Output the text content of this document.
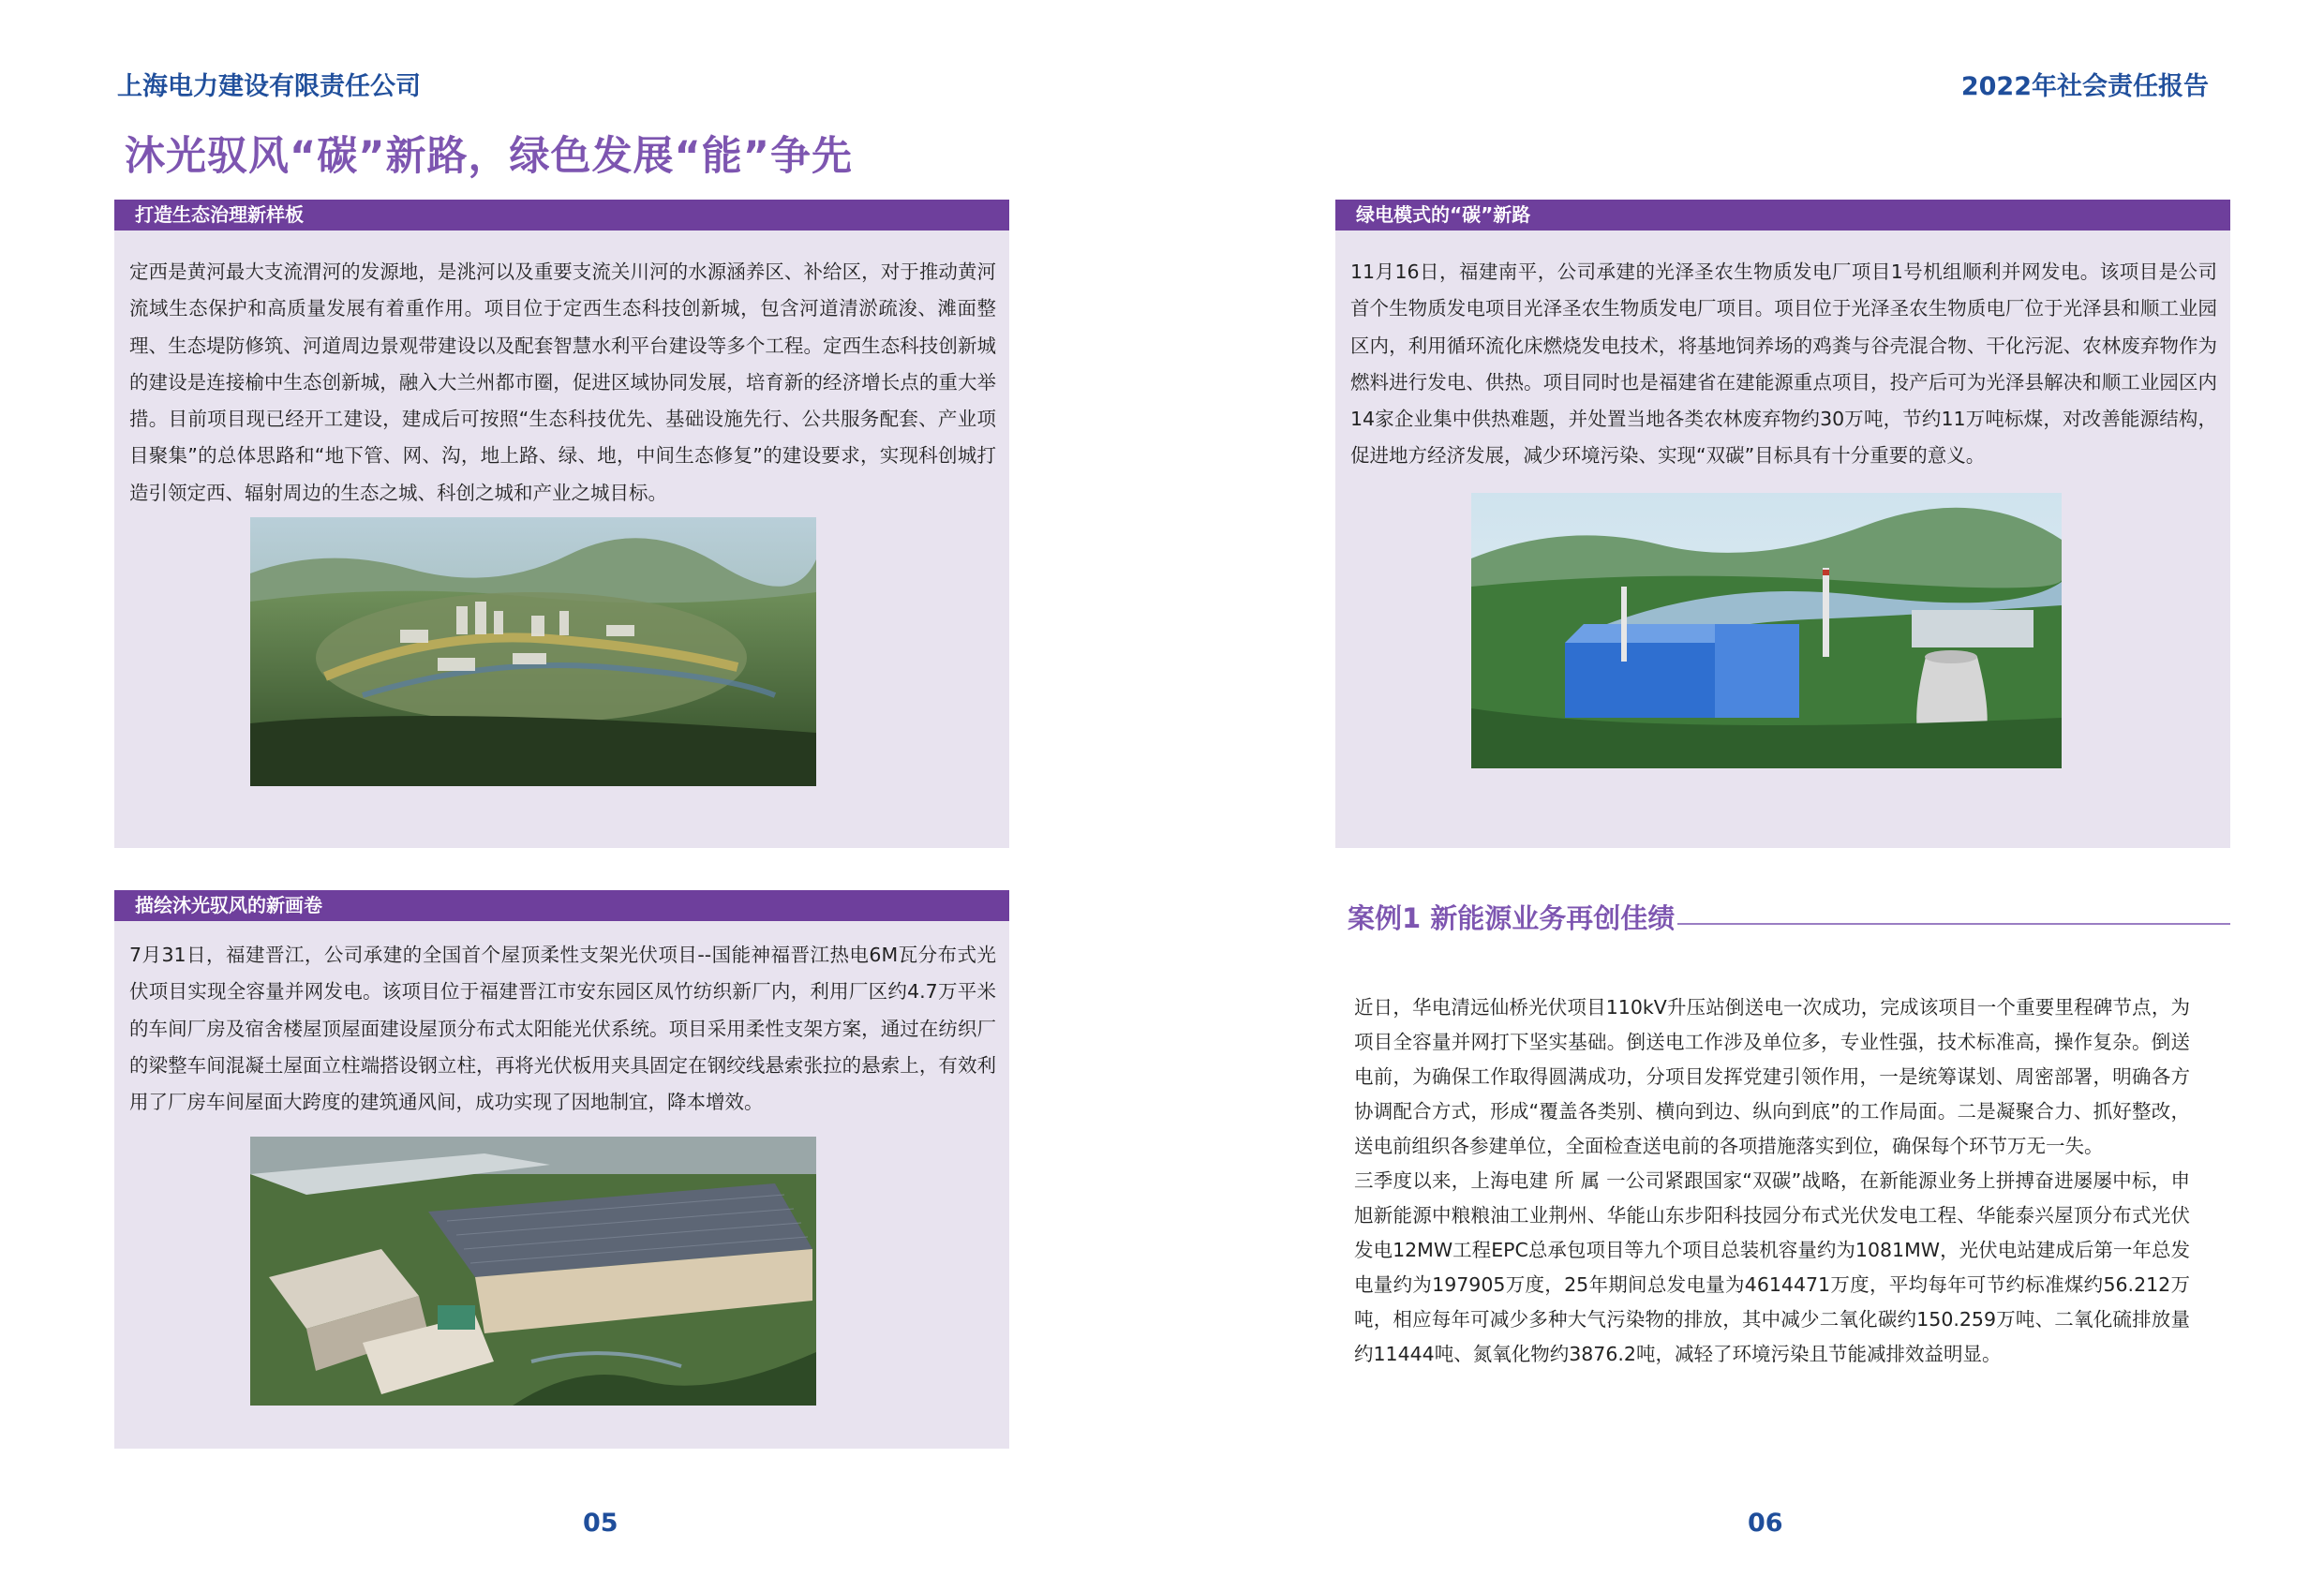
上海电力建设有限责任公司	2022年社会责任报告
沐光驭风“碳”新路，绿色发展“能”争先
打造生态治理新样板
定西是黄河最大支流渭河的发源地，是洮河以及重要支流关川河的水源涵养区、补给区，对于推动黄河流域生态保护和高质量发展有着重作用。项目位于定西生态科技创新城，包含河道清淤疏浚、滩面整理、生态堤防修筑、河道周边景观带建设以及配套智慧水利平台建设等多个工程。定西生态科技创新城的建设是连接榆中生态创新城，融入大兰州都市圈，促进区域协同发展，培育新的经济增长点的重大举措。目前项目现已经开工建设，建成后可按照“生态科技优先、基础设施先行、公共服务配套、产业项目聚集”的总体思路和“地下管、网、沟，地上路、绿、地，中间生态修复”的建设要求，实现科创城打造引领定西、辐射周边的生态之城、科创之城和产业之城目标。
描绘沐光驭风的新画卷
7月31日，福建晋江，公司承建的全国首个屋顶柔性支架光伏项目--国能神福晋江热电6M瓦分布式光伏项目实现全容量并网发电。该项目位于福建晋江市安东园区凤竹纺织新厂内，利用厂区约4.7万平米的车间厂房及宿舍楼屋顶屋面建设屋顶分布式太阳能光伏系统。项目采用柔性支架方案，通过在纺织厂的梁整车间混凝土屋面立柱端搭设钢立柱，再将光伏板用夹具固定在钢绞线悬索张拉的悬索上，有效利用了厂房车间屋面大跨度的建筑通风间，成功实现了因地制宜，降本增效。
绿电模式的“碳”新路
11月16日，福建南平，公司承建的光泽圣农生物质发电厂项目1号机组顺利并网发电。该项目是公司首个生物质发电项目光泽圣农生物质发电厂项目。项目位于光泽圣农生物质电厂位于光泽县和顺工业园区内，利用循环流化床燃烧发电技术，将基地饲养场的鸡粪与谷壳混合物、干化污泥、农林废弃物作为燃料进行发电、供热。项目同时也是福建省在建能源重点项目，投产后可为光泽县解决和顺工业园区内14家企业集中供热难题，并处置当地各类农林废弃物约30万吨，节约11万吨标煤，对改善能源结构，促进地方经济发展，减少环境污染、实现“双碳”目标具有十分重要的意义。
案例1 新能源业务再创佳绩
近日，华电清远仙桥光伏项目110kV升压站倒送电一次成功，完成该项目一个重要里程碑节点，为项目全容量并网打下坚实基础。倒送电工作涉及单位多，专业性强，技术标准高，操作复杂。倒送电前，为确保工作取得圆满成功，分项目发挥党建引领作用，一是统筹谋划、周密部署，明确各方协调配合方式，形成“覆盖各类别、横向到边、纵向到底”的工作局面。二是凝聚合力、抓好整改，送电前组织各参建单位，全面检查送电前的各项措施落实到位，确保每个环节万无一失。
三季度以来，上海电建 所 属 一公司紧跟国家“双碳”战略，在新能源业务上拼搏奋进屡屡中标，申旭新能源中粮粮油工业荆州、华能山东步阳科技园分布式光伏发电工程、华能泰兴屋顶分布式光伏发电12MW工程EPC总承包项目等九个项目总装机容量约为1081MW，光伏电站建成后第一年总发电量约为197905万度，25年期间总发电量为4614471万度，平均每年可节约标准煤约56.212万吨，相应每年可减少多种大气污染物的排放，其中减少二氧化碳约150.259万吨、二氧化硫排放量约11444吨、氮氧化物约3876.2吨，减轻了环境污染且节能减排效益明显。
05	06
